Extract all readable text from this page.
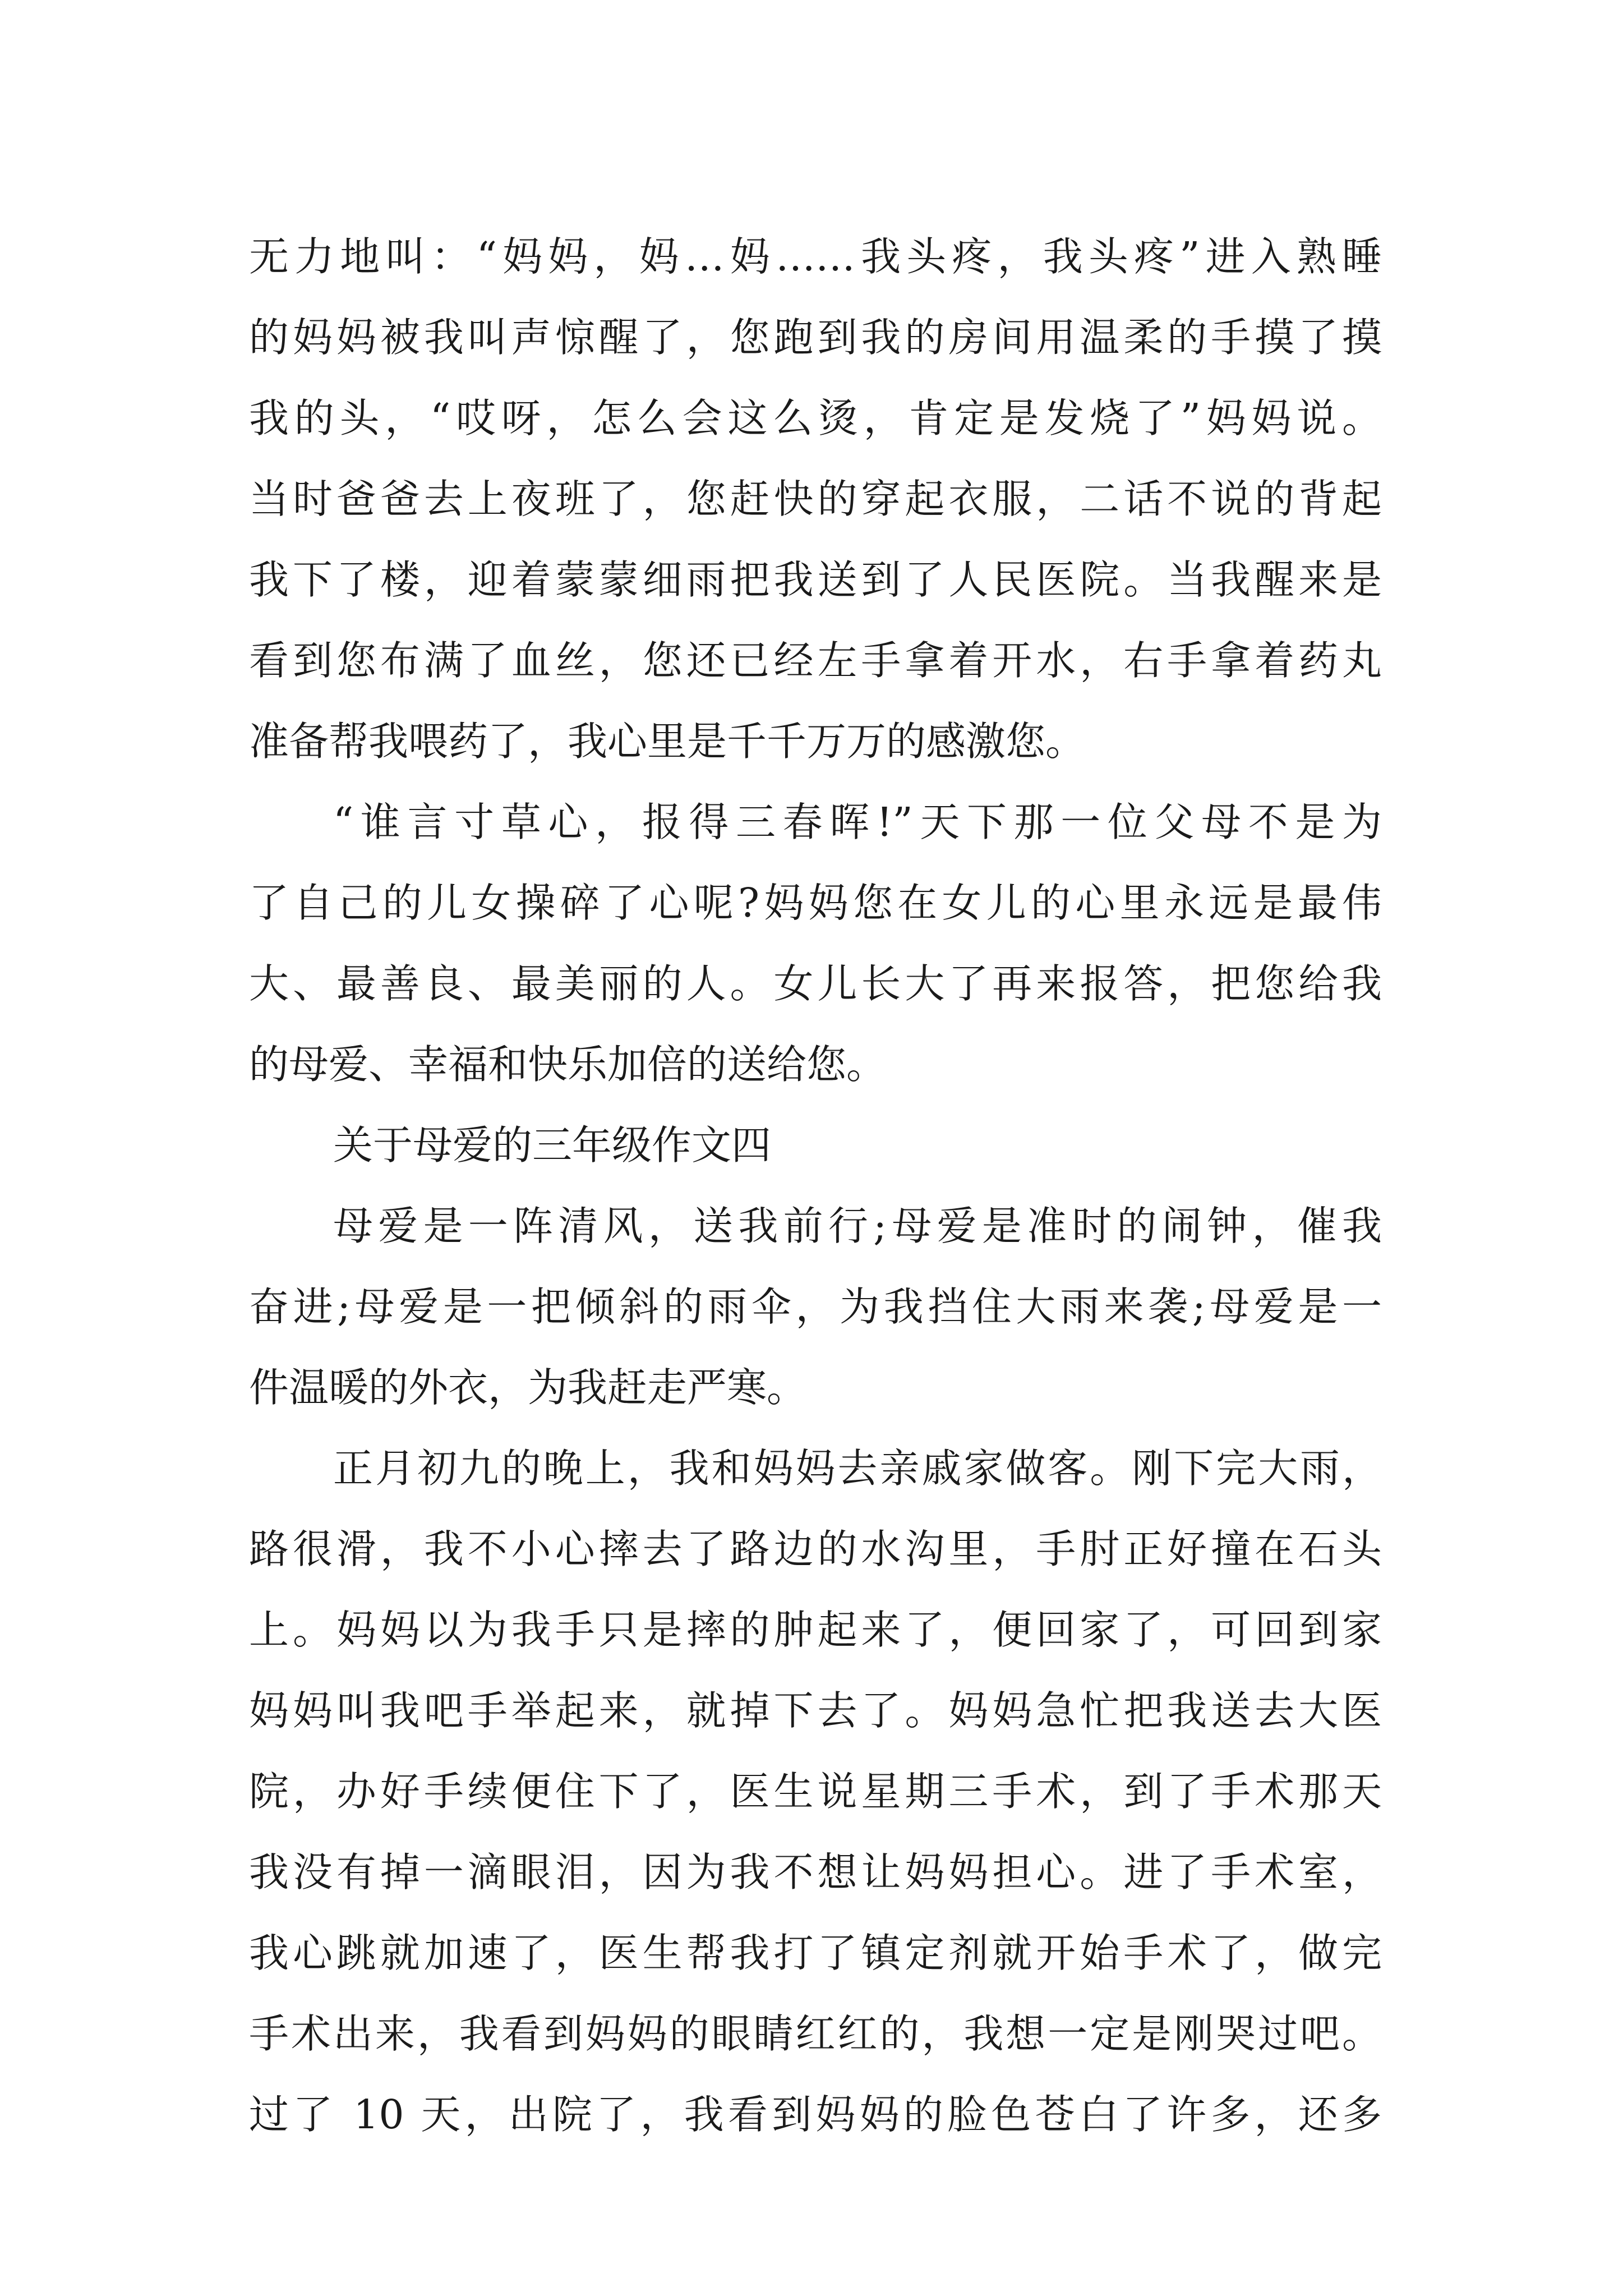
无力地叫：“妈妈，妈…妈……我头疼，我头疼”进入熟睡
的妈妈被我叫声惊醒了，您跑到我的房间用温柔的手摸了摸
我的头，“哎呀，怎么会这么烫，肯定是发烧了”妈妈说。
当时爸爸去上夜班了，您赶快的穿起衣服，二话不说的背起
我下了楼，迎着蒙蒙细雨把我送到了人民医院。当我醒来是
看到您布满了血丝，您还已经左手拿着开水，右手拿着药丸
准备帮我喂药了，我心里是千千万万的感激您。
“谁言寸草心，报得三春晖!”天下那一位父母不是为
了自己的儿女操碎了心呢?妈妈您在女儿的心里永远是最伟
大、最善良、最美丽的人。女儿长大了再来报答，把您给我
的母爱、幸福和快乐加倍的送给您。
关于母爱的三年级作文四
母爱是一阵清风，送我前行;母爱是准时的闹钟，催我
奋进;母爱是一把倾斜的雨伞，为我挡住大雨来袭;母爱是一
件温暖的外衣，为我赶走严寒。
正月初九的晚上，我和妈妈去亲戚家做客。刚下完大雨，
路很滑，我不小心摔去了路边的水沟里，手肘正好撞在石头
上。妈妈以为我手只是摔的肿起来了，便回家了，可回到家
妈妈叫我吧手举起来，就掉下去了。妈妈急忙把我送去大医
院，办好手续便住下了，医生说星期三手术，到了手术那天
我没有掉一滴眼泪，因为我不想让妈妈担心。进了手术室，
我心跳就加速了，医生帮我打了镇定剂就开始手术了，做完
手术出来，我看到妈妈的眼睛红红的，我想一定是刚哭过吧。
过了 10 天，出院了，我看到妈妈的脸色苍白了许多，还多
